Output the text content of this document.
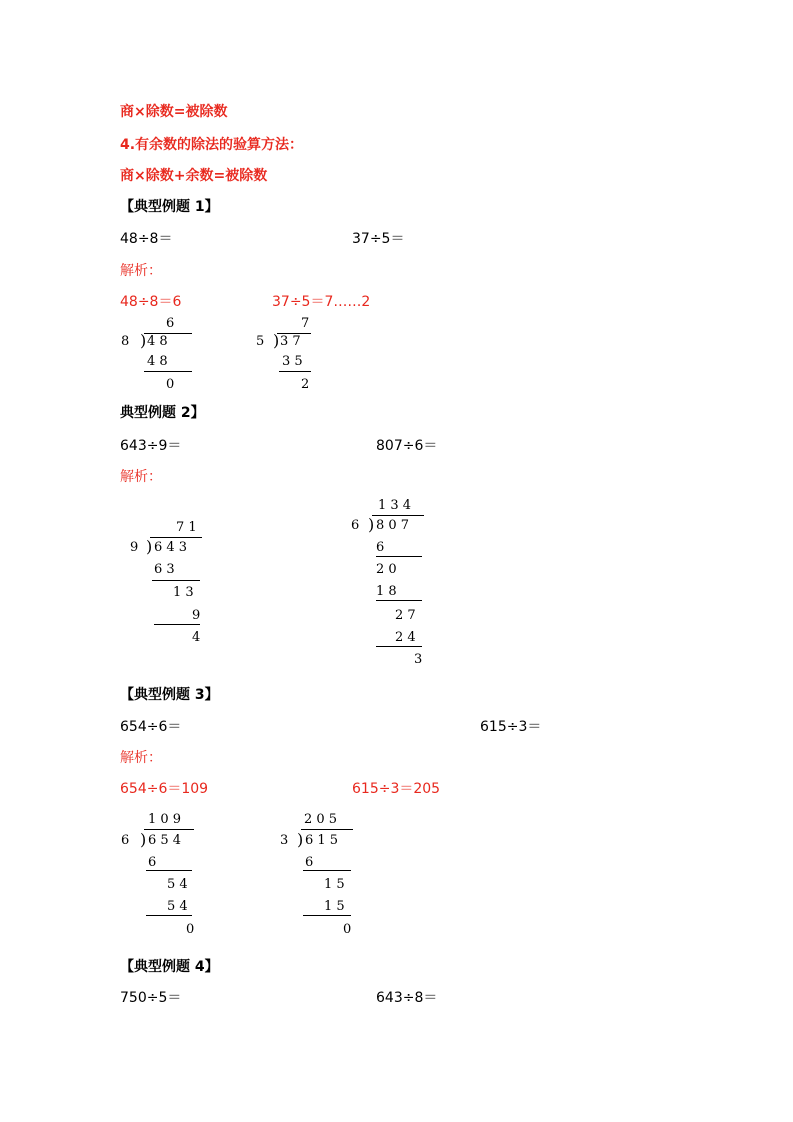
商×除数=被除数
4.有余数的除法的验算方法：
商×除数+余数=被除数
【典型例题 1】
48÷8＝	37÷5＝
解析：
48÷8＝6	37÷5＝7……2
6
8 ) 4 8
4 8
0
7
5 ) 3 7
3 5
2
典型例题 2】
643÷9＝	807÷6＝
解析：
7 1
9 ) 6 4 3
6 3
1 3
9
4
1 3 4
6 ) 8 0 7
6
2 0
1 8
2 7
2 4
3
【典型例题 3】
654÷6＝	615÷3＝
解析：
654÷6＝109	615÷3＝205
1 0 9
6 ) 6 5 4
6
5 4
5 4
0
2 0 5
3 ) 6 1 5
6
1 5
1 5
0
【典型例题 4】
750÷5＝	643÷8＝
